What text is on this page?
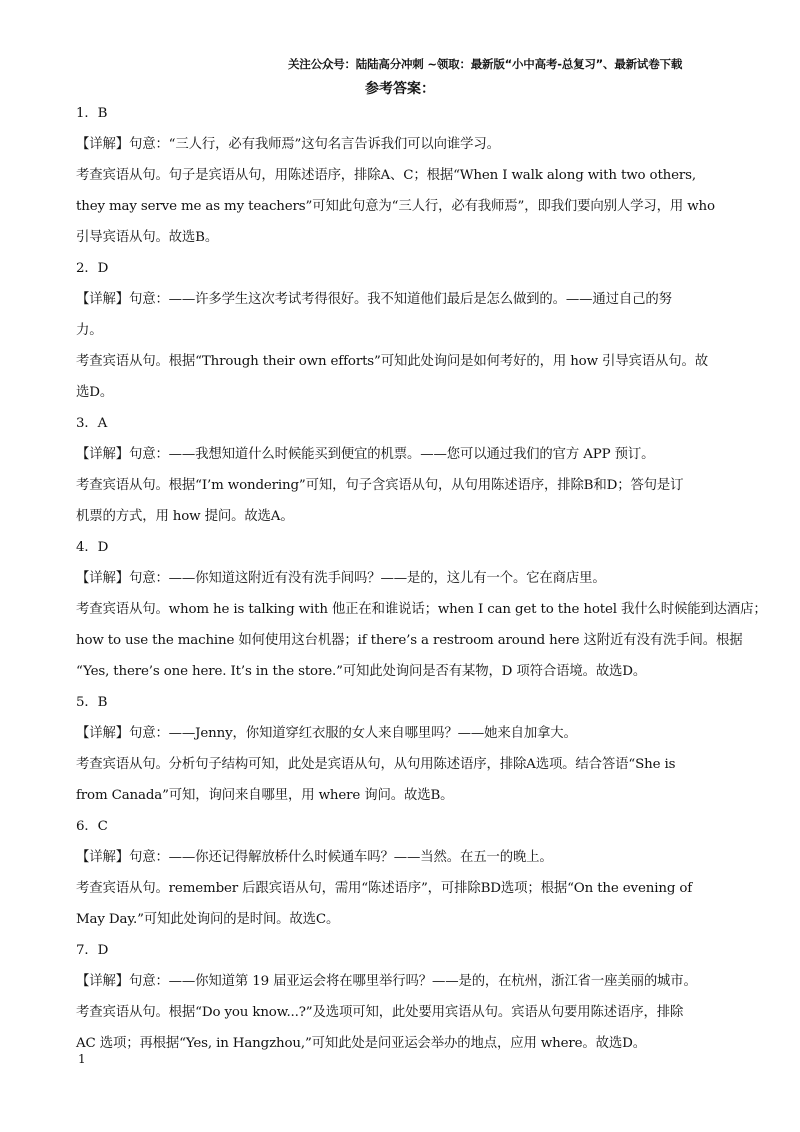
关注公众号：陆陆高分冲刺 ~领取：最新版“小中高考-总复习”、最新试卷下载
参考答案：
1．B
【详解】句意：“三人行，必有我师焉”这句名言告诉我们可以向谁学习。
考查宾语从句。句子是宾语从句，用陈述语序，排除A、C；根据“When I walk along with two others,
they may serve me as my teachers”可知此句意为“三人行，必有我师焉”，即我们要向别人学习，用 who
引导宾语从句。故选B。
2．D
【详解】句意：——许多学生这次考试考得很好。我不知道他们最后是怎么做到的。——通过自己的努
力。
考查宾语从句。根据“Through their own efforts”可知此处询问是如何考好的，用 how 引导宾语从句。故
选D。
3．A
【详解】句意：——我想知道什么时候能买到便宜的机票。——您可以通过我们的官方 APP 预订。
考查宾语从句。根据“I’m wondering”可知，句子含宾语从句，从句用陈述语序，排除B和D；答句是订
机票的方式，用 how 提问。故选A。
4．D
【详解】句意：——你知道这附近有没有洗手间吗？——是的，这儿有一个。它在商店里。
考查宾语从句。whom he is talking with 他正在和谁说话；when I can get to the hotel 我什么时候能到达酒店；
how to use the machine 如何使用这台机器；if there’s a restroom around here 这附近有没有洗手间。根据
“Yes, there’s one here. It’s in the store.”可知此处询问是否有某物，D 项符合语境。故选D。
5．B
【详解】句意：——Jenny，你知道穿红衣服的女人来自哪里吗？——她来自加拿大。
考查宾语从句。分析句子结构可知，此处是宾语从句，从句用陈述语序，排除A选项。结合答语“She is
from Canada”可知，询问来自哪里，用 where 询问。故选B。
6．C
【详解】句意：——你还记得解放桥什么时候通车吗？——当然。在五一的晚上。
考查宾语从句。remember 后跟宾语从句，需用“陈述语序”，可排除BD选项；根据“On the evening of
May Day.”可知此处询问的是时间。故选C。
7．D
【详解】句意：——你知道第 19 届亚运会将在哪里举行吗？——是的，在杭州，浙江省一座美丽的城市。
考查宾语从句。根据“Do you know...?”及选项可知，此处要用宾语从句。宾语从句要用陈述语序，排除
AC 选项；再根据“Yes, in Hangzhou,”可知此处是问亚运会举办的地点，应用 where。故选D。
1
